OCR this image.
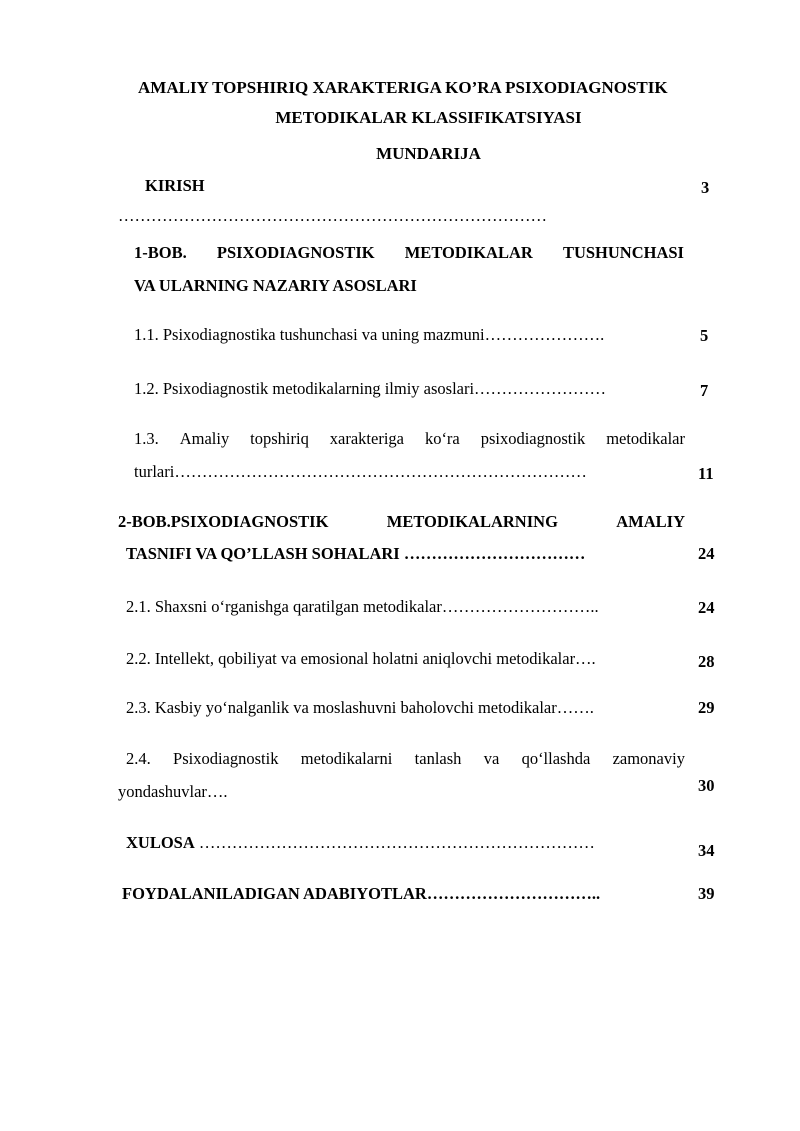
AMALIY TOPSHIRIQ XARAKTERIGA KO’RA PSIXODIAGNOSTIK
METODIKALAR KLASSIFIKATSIYASI
MUNDARIJA
KIRISH	3
……………………………………………………………………
1-BOB. PSIXODIAGNOSTIK METODIKALAR TUSHUNCHASI
VA ULARNING NAZARIY ASOSLARI
1.1. Psixodiagnostika tushunchasi va uning mazmuni………………….	5
1.2. Psixodiagnostik metodikalarning ilmiy asoslari……………………	7
1.3. Amaliy topshiriq xarakteriga ko‘ra psixodiagnostik metodikalar
turlari…………………………………………………………………	11
2-BOB.PSIXODIAGNOSTIK	METODIKALARNING	AMALIY
TASNIFI VA QO’LLASH SOHALARI ……………………………	24
2.1. Shaxsni o‘rganishga qaratilgan metodikalar………………………..	24
2.2. Intellekt, qobiliyat va emosional holatni aniqlovchi metodikalar….	28
2.3. Kasbiy yo‘nalganlik va moslashuvni baholovchi metodikalar…….	29
2.4. Psixodiagnostik metodikalarni tanlash va qo‘llashda zamonaviy
yondashuvlar….	30
XULOSA ………………………………………………………………	34
FOYDALANILADIGAN ADABIYOTLAR…………………………..	39
